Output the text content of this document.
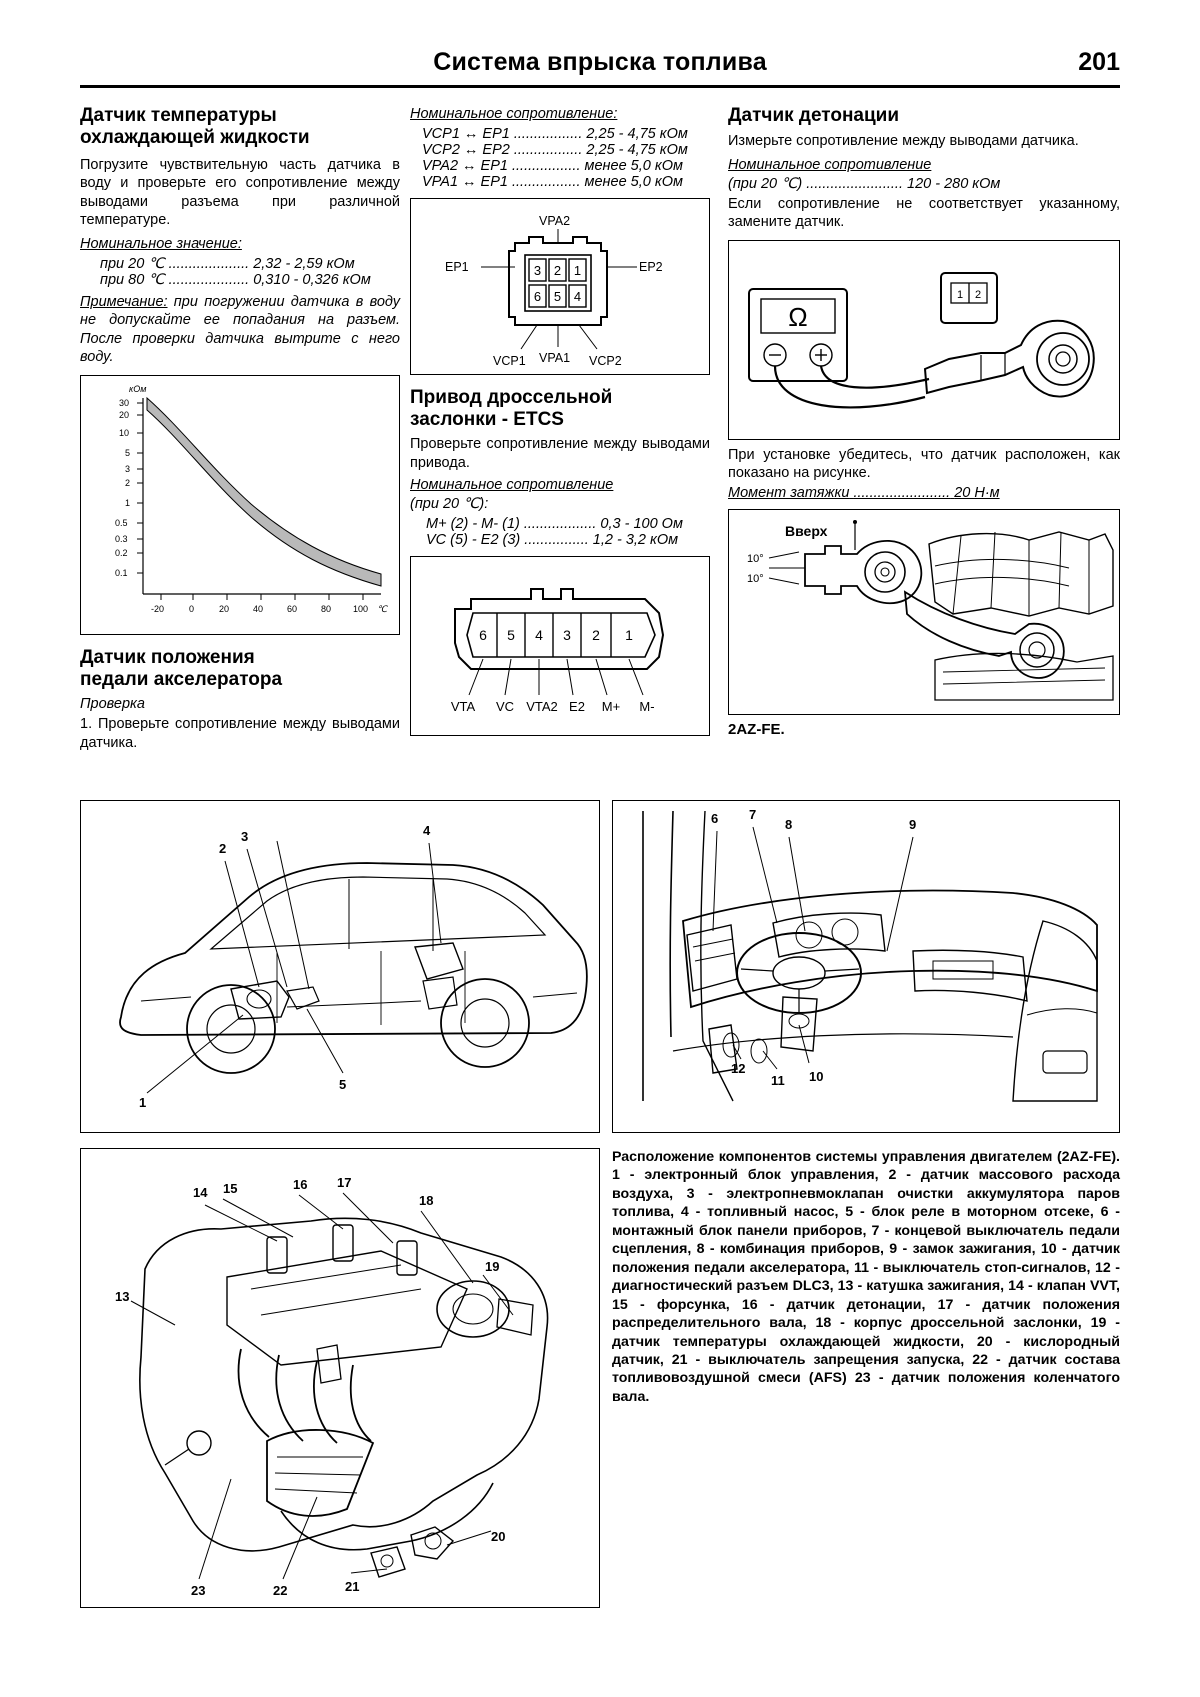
Система впрыска топлива	201
Датчик температуры
охлаждающей жидкости
Погрузите чувствительную часть датчика в воду и проверьте его сопротивление между выводами разъема при различной температуре.
Номинальное значение:
при 20 ℃ .................... 2,32 - 2,59 кОм
при 80 ℃ .................... 0,310 - 0,326 кОм
Примечание: при погружении датчика в воду не допускайте ее попадания на разъем. После проверки датчика вытрите с него воду.
30
20
10
5
3
2
1
0.5
0.3
0.2
0.1
кОм
-20	0	20	40	60	80 100 ℃
Датчик положения
педали акселератора
Проверка
1. Проверьте сопротивление между выводами датчика.
Номинальное сопротивление:
VCP1 ↔ EP1 ................. 2,25 - 4,75 кОм
VCP2 ↔ EP2 ................. 2,25 - 4,75 кОм
VPA2 ↔ EP1 ................. менее 5,0 кОм
VPA1 ↔ EP1 ................. менее 5,0 кОм
3 2 1
6 5 4
VPA2
EP1	EP2
VCP1 VPA1 VCP2
Привод дроссельной
заслонки - ETCS
Проверьте сопротивление между выводами привода.
Номинальное сопротивление
(при 20 ℃):
M+ (2) - M- (1) .................. 0,3 - 100 Ом
VC (5) - E2 (3) ................ 1,2 - 3,2 кОм
6 5 4 3 2 1
VTA VC VTA2 E2 M+ M-
Датчик детонации
Измерьте сопротивление между выводами датчика.
Номинальное сопротивление
(при 20 ℃) ........................ 120 - 280 кОм
Если сопротивление не соответствует указанному, замените датчик.
Ω
1 2
При установке убедитесь, что датчик расположен, как показано на рисунке.
Момент затяжки ........................ 20 Н·м
Вверх
10°
10°
2AZ-FE.
2
3	4
5
1
6 7
8	9
10
11
12
14 15	16 17
18
19
13
20
21
22
23
Расположение компонентов системы управления двигателем (2AZ-FE). 1 - электронный блок управления, 2 - датчик массового расхода воздуха, 3 - электропневмоклапан очистки аккумулятора паров топлива, 4 - топливный насос, 5 - блок реле в моторном отсеке, 6 - монтажный блок панели приборов, 7 - концевой выключатель педали сцепления, 8 - комбинация приборов, 9 - замок зажигания, 10 - датчик положения педали акселератора, 11 - выключатель стоп-сигналов, 12 - диагностический разъем DLC3, 13 - катушка зажигания, 14 - клапан VVT, 15 - форсунка, 16 - датчик детонации, 17 - датчик положения распределительного вала, 18 - корпус дроссельной заслонки, 19 - датчик температуры охлаждающей жидкости, 20 - кислородный датчик, 21 - выключатель запрещения запуска, 22 - датчик состава топливовоздушной смеси (AFS) 23 - датчик положения коленчатого вала.
